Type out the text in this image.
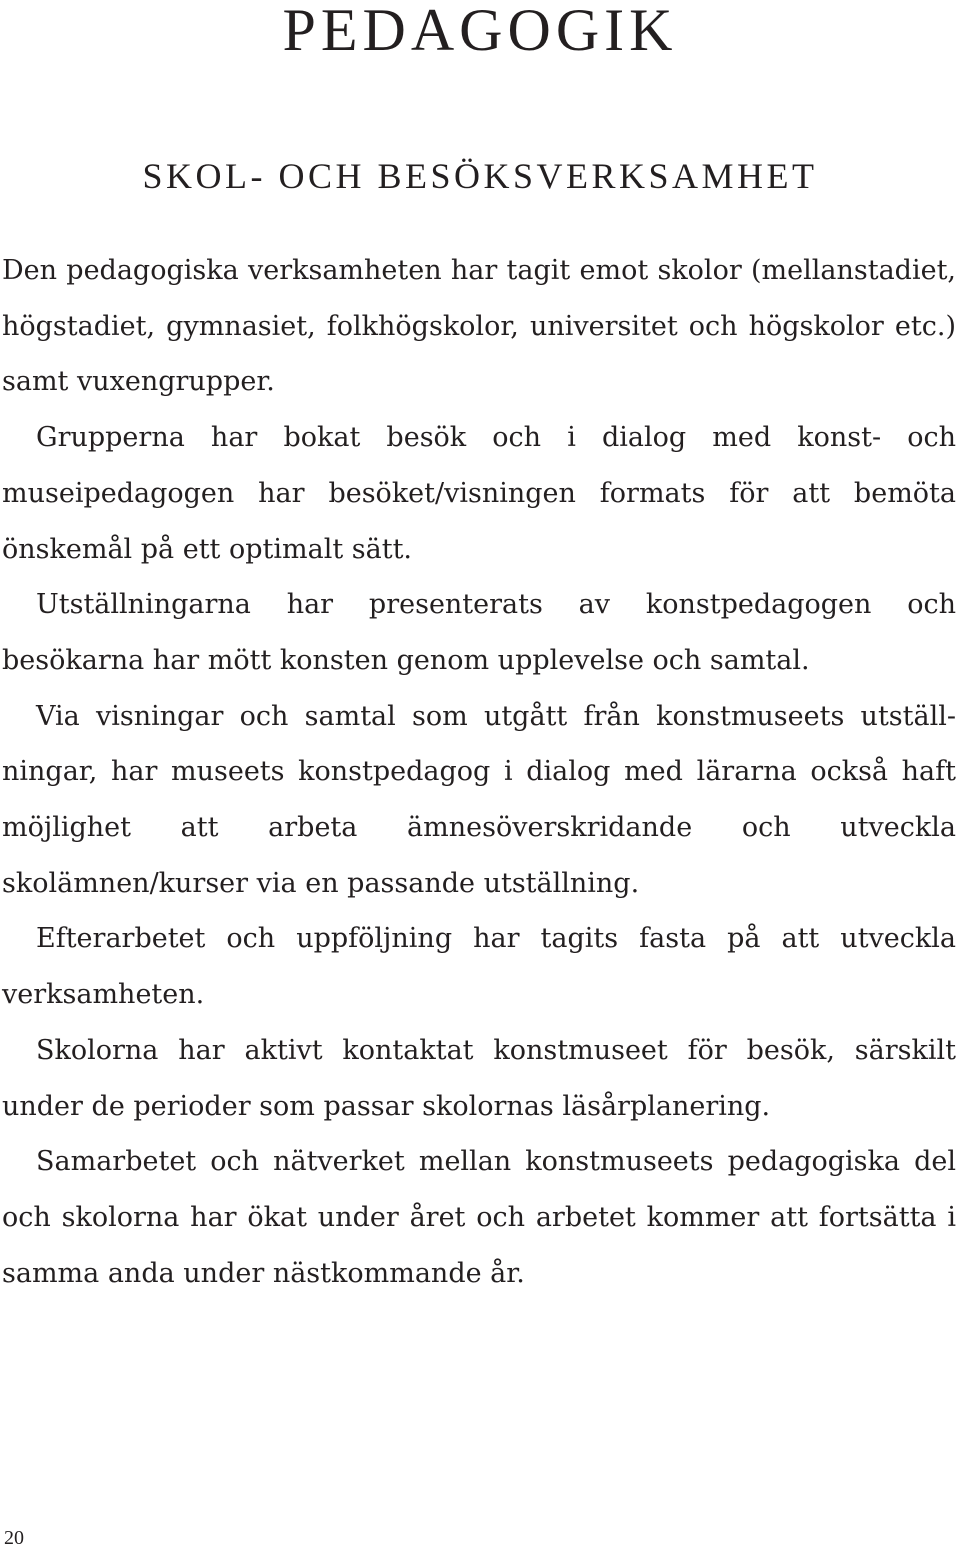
PEDAGOGIK
SKOL- OCH BESÖKSVERKSAMHET

Den pedagogiska verksamheten har tagit emot skolor (mellanstadiet, högstadiet, gymnasiet, folkhögskolor, universitet och högskolor etc.) samt vuxengrupper.

Grupperna har bokat besök och i dialog med konst- och museipedagogen har besöket/visningen formats för att bemöta önskemål på ett optimalt sätt.

Utställningarna har presenterats av konstpedagogen och besökarna har mött konsten genom upplevelse och samtal.

Via visningar och samtal som utgått från konstmuseets utställningar, har museets konstpedagog i dialog med lärarna också haft möjlighet att arbeta ämnesöverskridande och utveckla skolämnen/kurser via en passande utställning.

Efterarbetet och uppföljning har tagits fasta på att utveckla verksamheten.

Skolorna har aktivt kontaktat konstmuseet för besök, särskilt under de perioder som passar skolornas läsårplanering.

Samarbetet och nätverket mellan konstmuseets pedagogiska del och skolorna har ökat under året och arbetet kommer att fortsätta i samma anda under nästkommande år.

20
